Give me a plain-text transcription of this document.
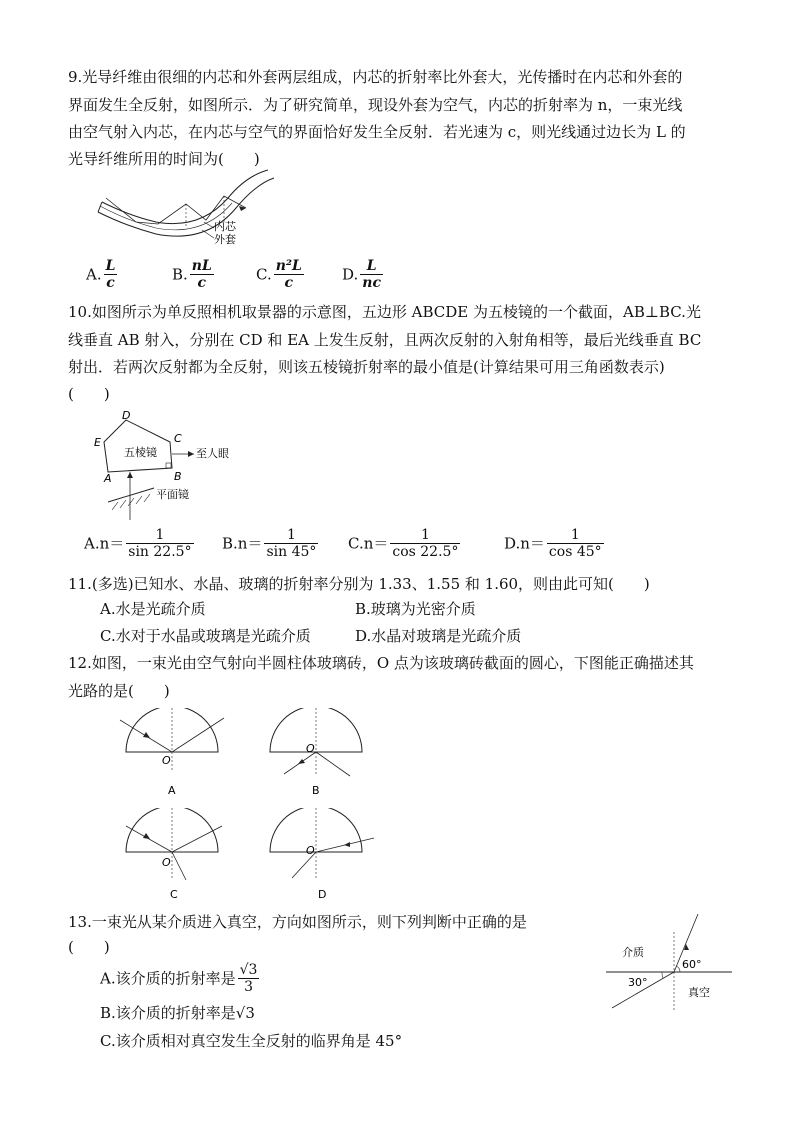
9.光导纤维由很细的内芯和外套两层组成，内芯的折射率比外套大，光传播时在内芯和外套的
界面发生全反射，如图所示．为了研究简单，现设外套为空气，内芯的折射率为 n，一束光线
由空气射入内芯，在内芯与空气的界面恰好发生全反射．若光速为 c，则光线通过边长为 L 的
光导纤维所用的时间为(　　)
内芯
外套
A. $\frac{L}{c}$	B. $\frac{nL}{c}$	C. $\frac{\text{n²L}}{c}$	D. $\frac{L}{nc}$
10.如图所示为单反照相机取景器的示意图，五边形 ABCDE 为五棱镜的一个截面，AB⊥BC.光
线垂直 AB 射入，分别在 CD 和 EA 上发生反射，且两次反射的入射角相等，最后光线垂直 BC
射出．若两次反射都为全反射，则该五棱镜折射率的最小值是(计算结果可用三角函数表示)
(　　)
D
E	C
A	B
五棱镜	至人眼
平面镜
$A.n= \frac{1}{\sin 22.5^\circ} B.n= \frac{1}{\sin 45^\circ} C.n= \frac{1}{\cos 22.5^\circ}$	$D.n= \frac{1}{\cos 45^\circ}$
11.(多选)已知水、水晶、玻璃的折射率分别为 1.33、1.55 和 1.60，则由此可知(　　)
A.水是光疏介质	B.玻璃为光密介质
C.水对于水晶或玻璃是光疏介质	D.水晶对玻璃是光疏介质
12.如图，一束光由空气射向半圆柱体玻璃砖，O 点为该玻璃砖截面的圆心，下图能正确描述其
光路的是(　　)
O
A
O
B
O
C
O
D
13.一束光从某介质进入真空，方向如图所示，则下列判断中正确的是
(　　)
A.该介质的折射率是 $\frac{√3}{3}$
B.该介质的折射率是√3
C.该介质相对真空发生全反射的临界角是 45°
介质
真空
60°
30°
